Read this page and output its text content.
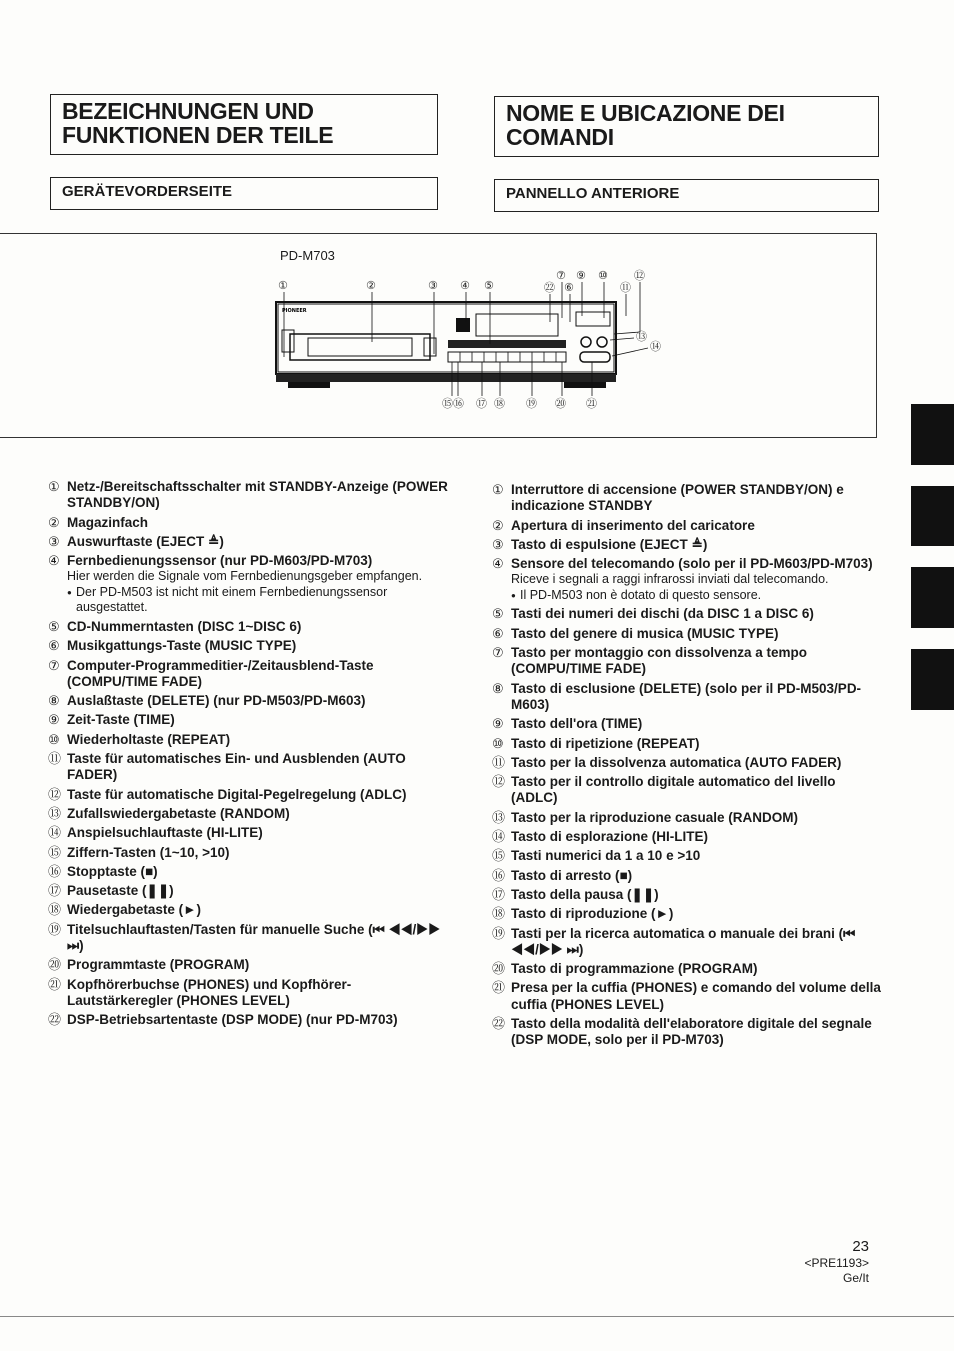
BEZEICHNUNGEN UND FUNKTIONEN DER TEILE
NOME E UBICAZIONE DEI COMANDI
GERÄTEVORDERSEITE	PANNELLO ANTERIORE
PD-M703
①	②	③ ④ ⑤
⑦ ⑨ ⑩ ⑫
㉒ ⑥	⑪
⑬
⑭
⑮⑯ ⑰ ⑱ ⑲ ⑳ ㉑
PIONEER
① Netz-/Bereitschaftsschalter mit STANDBY-Anzeige (POWER STANDBY/ON)
② Magazinfach
③ Auswurftaste (EJECT ≜)
④ Fernbedienungssensor (nur PD-M603/PD-M703)
Hier werden die Signale vom Fernbedienungsgeber empfangen.
● Der PD-M503 ist nicht mit einem Fernbedienungssensor ausgestattet.
⑤ CD-Nummerntasten (DISC 1~DISC 6)
⑥ Musikgattungs-Taste (MUSIC TYPE)
⑦ Computer-Programmeditier-/Zeitausblend-Taste (COMPU/TIME FADE)
⑧ Auslaßtaste (DELETE) (nur PD-M503/PD-M603)
⑨ Zeit-Taste (TIME)
⑩ Wiederholtaste (REPEAT)
⑪ Taste für automatisches Ein- und Ausblenden (AUTO FADER)
⑫ Taste für automatische Digital-Pegelregelung (ADLC)
⑬ Zufallswiedergabetaste (RANDOM)
⑭ Anspielsuchlauftaste (HI-LITE)
⑮ Ziffern-Tasten (1~10, >10)
⑯ Stopptaste (■)
⑰ Pausetaste (❚❚)
⑱ Wiedergabetaste (►)
⑲ Titelsuchlauftasten/Tasten für manuelle Suche (⏮ ◀◀/▶▶ ⏭)
⑳ Programmtaste (PROGRAM)
㉑ Kopfhörerbuchse (PHONES) und Kopfhörer-Lautstärkeregler (PHONES LEVEL)
㉒ DSP-Betriebsartentaste (DSP MODE) (nur PD-M703)
① Interruttore di accensione (POWER STANDBY/ON) e indicazione STANDBY
② Apertura di inserimento del caricatore
③ Tasto di espulsione (EJECT ≜)
④ Sensore del telecomando (solo per il PD-M603/PD-M703)
Riceve i segnali a raggi infrarossi inviati dal telecomando.
● Il PD-M503 non è dotato di questo sensore.
⑤ Tasti dei numeri dei dischi (da DISC 1 a DISC 6)
⑥ Tasto del genere di musica (MUSIC TYPE)
⑦ Tasto per montaggio con dissolvenza a tempo (COMPU/TIME FADE)
⑧ Tasto di esclusione (DELETE) (solo per il PD-M503/PD-M603)
⑨ Tasto dell'ora (TIME)
⑩ Tasto di ripetizione (REPEAT)
⑪ Tasto per la dissolvenza automatica (AUTO FADER)
⑫ Tasto per il controllo digitale automatico del livello (ADLC)
⑬ Tasto per la riproduzione casuale (RANDOM)
⑭ Tasto di esplorazione (HI-LITE)
⑮ Tasti numerici da 1 a 10 e >10
⑯ Tasto di arresto (■)
⑰ Tasto della pausa (❚❚)
⑱ Tasto di riproduzione (►)
⑲ Tasti per la ricerca automatica o manuale dei brani (⏮ ◀◀/▶▶ ⏭)
⑳ Tasto di programmazione (PROGRAM)
㉑ Presa per la cuffia (PHONES) e comando del volume della cuffia (PHONES LEVEL)
㉒ Tasto della modalità dell'elaboratore digitale del segnale (DSP MODE, solo per il PD-M703)
23
<PRE1193>
Ge/It
